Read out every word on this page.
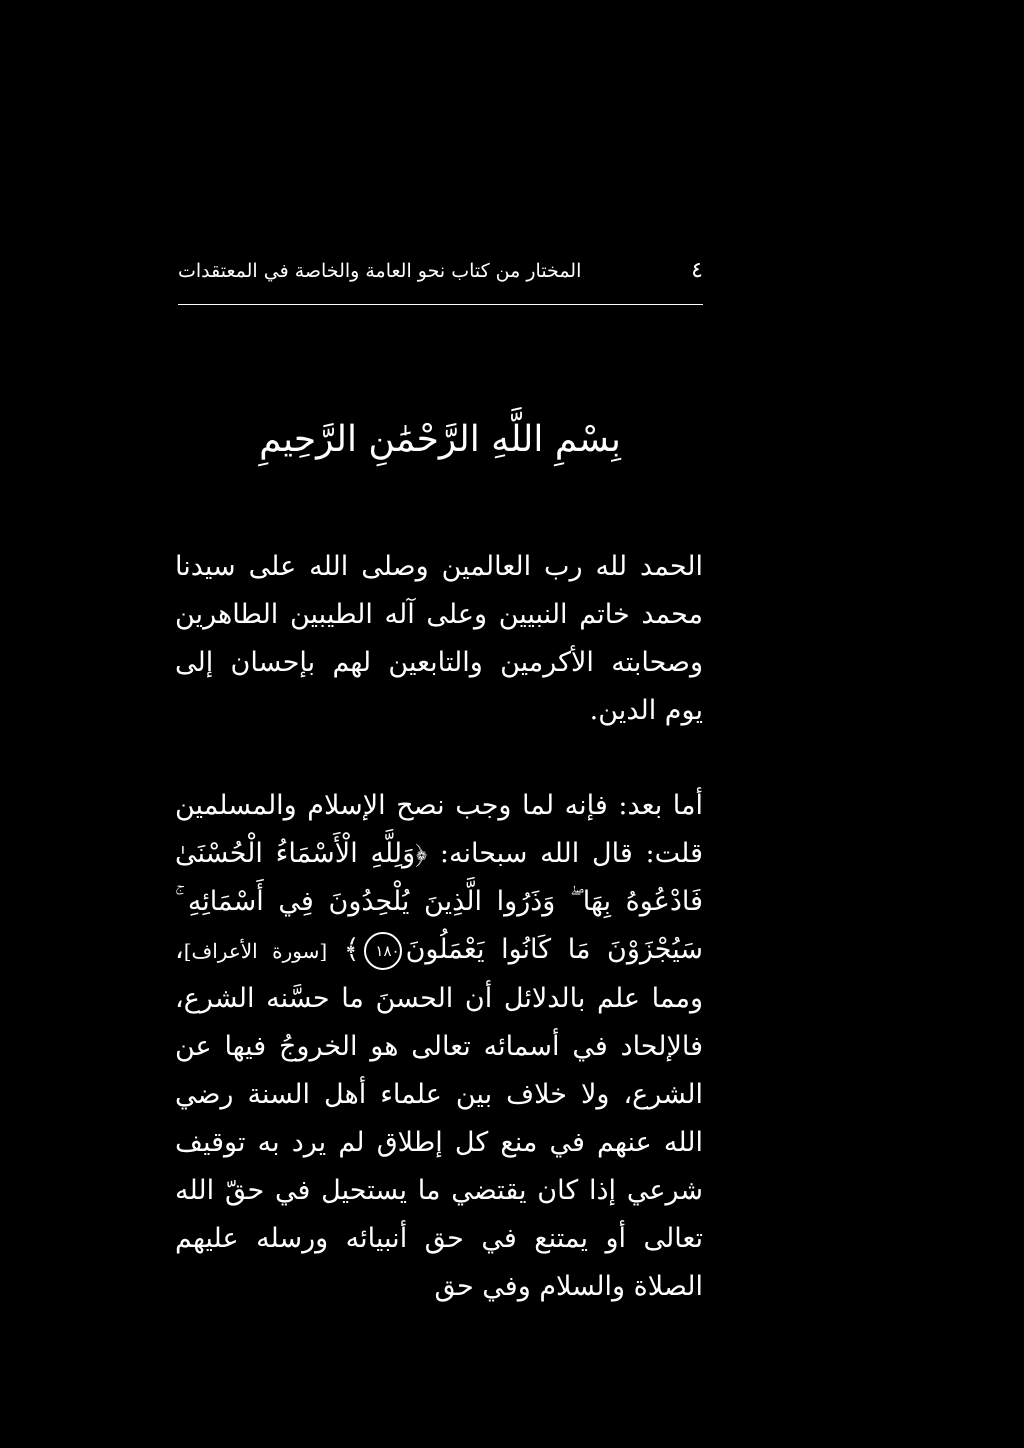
٤
المختار من كتاب نحو العامة والخاصة في المعتقدات
بِسْمِ اللَّهِ الرَّحْمَٰنِ الرَّحِيمِ

الحمد لله رب العالمين وصلى الله على سيدنا محمد خاتم النبيين وعلى آله الطيبين الطاهرين وصحابته الأكرمين والتابعين لهم بإحسان إلى يوم الدين.

أما بعد: فإنه لما وجب نصح الإسلام والمسلمين قلت: قال الله سبحانه: ﴿وَلِلَّهِ الْأَسْمَاءُ الْحُسْنَىٰ فَادْعُوهُ بِهَا ۖ وَذَرُوا الَّذِينَ يُلْحِدُونَ فِي أَسْمَائِهِ ۚ سَيُجْزَوْنَ مَا كَانُوا يَعْمَلُونَ١٨٠﴾ [سورة الأعراف]، ومما علم بالدلائل أن الحسنَ ما حسَّنه الشرع، فالإلحاد في أسمائه تعالى هو الخروجُ فيها عن الشرع، ولا خلاف بين علماء أهل السنة رضي الله عنهم في منع كل إطلاق لم يرد به توقيف شرعي إذا كان يقتضي ما يستحيل في حقّ الله تعالى أو يمتنع في حق أنبيائه ورسله عليهم الصلاة والسلام وفي حق
